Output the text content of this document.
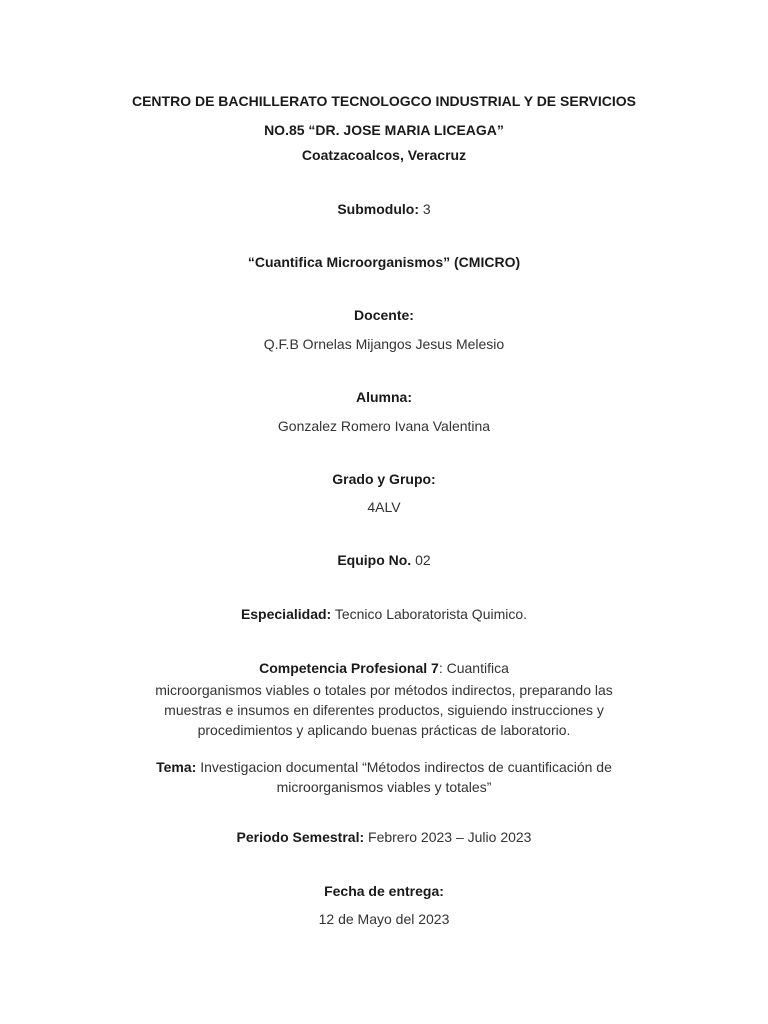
CENTRO DE BACHILLERATO TECNOLOGCO INDUSTRIAL Y DE SERVICIOS
NO.85 “DR. JOSE MARIA LICEAGA”
Coatzacoalcos, Veracruz
Submodulo: 3
“Cuantifica Microorganismos” (CMICRO)
Docente:
Q.F.B Ornelas Mijangos Jesus Melesio
Alumna:
Gonzalez Romero Ivana Valentina
Grado y Grupo:
4ALV
Equipo No. 02
Especialidad: Tecnico Laboratorista Quimico.
Competencia Profesional 7: Cuantifica
microorganismos viables o totales por métodos indirectos, preparando las
muestras e insumos en diferentes productos, siguiendo instrucciones y
procedimientos y aplicando buenas prácticas de laboratorio.
Tema: Investigacion documental “Métodos indirectos de cuantificación de
microorganismos viables y totales”
Periodo Semestral: Febrero 2023 – Julio 2023
Fecha de entrega:
12 de Mayo del 2023
